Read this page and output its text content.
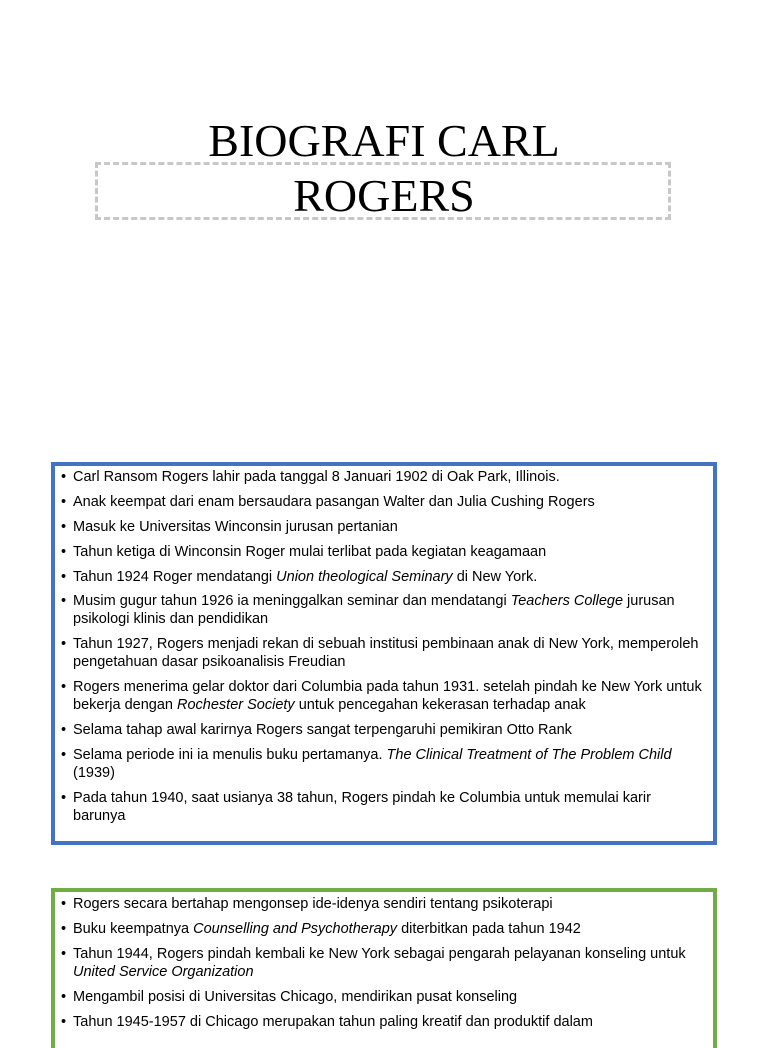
BIOGRAFI CARL
ROGERS
• Carl Ransom Rogers lahir pada tanggal 8 Januari 1902 di Oak Park, Illinois.
• Anak keempat dari enam bersaudara pasangan Walter dan Julia Cushing Rogers
• Masuk ke Universitas Winconsin jurusan pertanian
• Tahun ketiga di Winconsin Roger mulai terlibat pada kegiatan keagamaan
• Tahun 1924 Roger mendatangi Union theological Seminary di New York.
• Musim gugur tahun 1926 ia meninggalkan seminar dan mendatangi Teachers College jurusan psikologi klinis dan pendidikan
• Tahun 1927, Rogers menjadi rekan di sebuah institusi pembinaan anak di New York, memperoleh pengetahuan dasar psikoanalisis Freudian
• Rogers menerima gelar doktor dari Columbia pada tahun 1931. setelah pindah ke New York untuk bekerja dengan Rochester Society untuk pencegahan kekerasan terhadap anak
• Selama tahap awal karirnya Rogers sangat terpengaruhi pemikiran Otto Rank
• Selama periode ini ia menulis buku pertamanya. The Clinical Treatment of The Problem Child (1939)
• Pada tahun 1940, saat usianya 38 tahun, Rogers pindah ke Columbia untuk memulai karir barunya
• Rogers secara bertahap mengonsep ide-idenya sendiri tentang psikoterapi
• Buku keempatnya Counselling and Psychotherapy diterbitkan pada tahun 1942
• Tahun 1944, Rogers pindah kembali ke New York sebagai pengarah pelayanan konseling untuk United Service Organization
• Mengambil posisi di Universitas Chicago, mendirikan pusat konseling
• Tahun 1945-1957 di Chicago merupakan tahun paling kreatif dan produktif dalam
